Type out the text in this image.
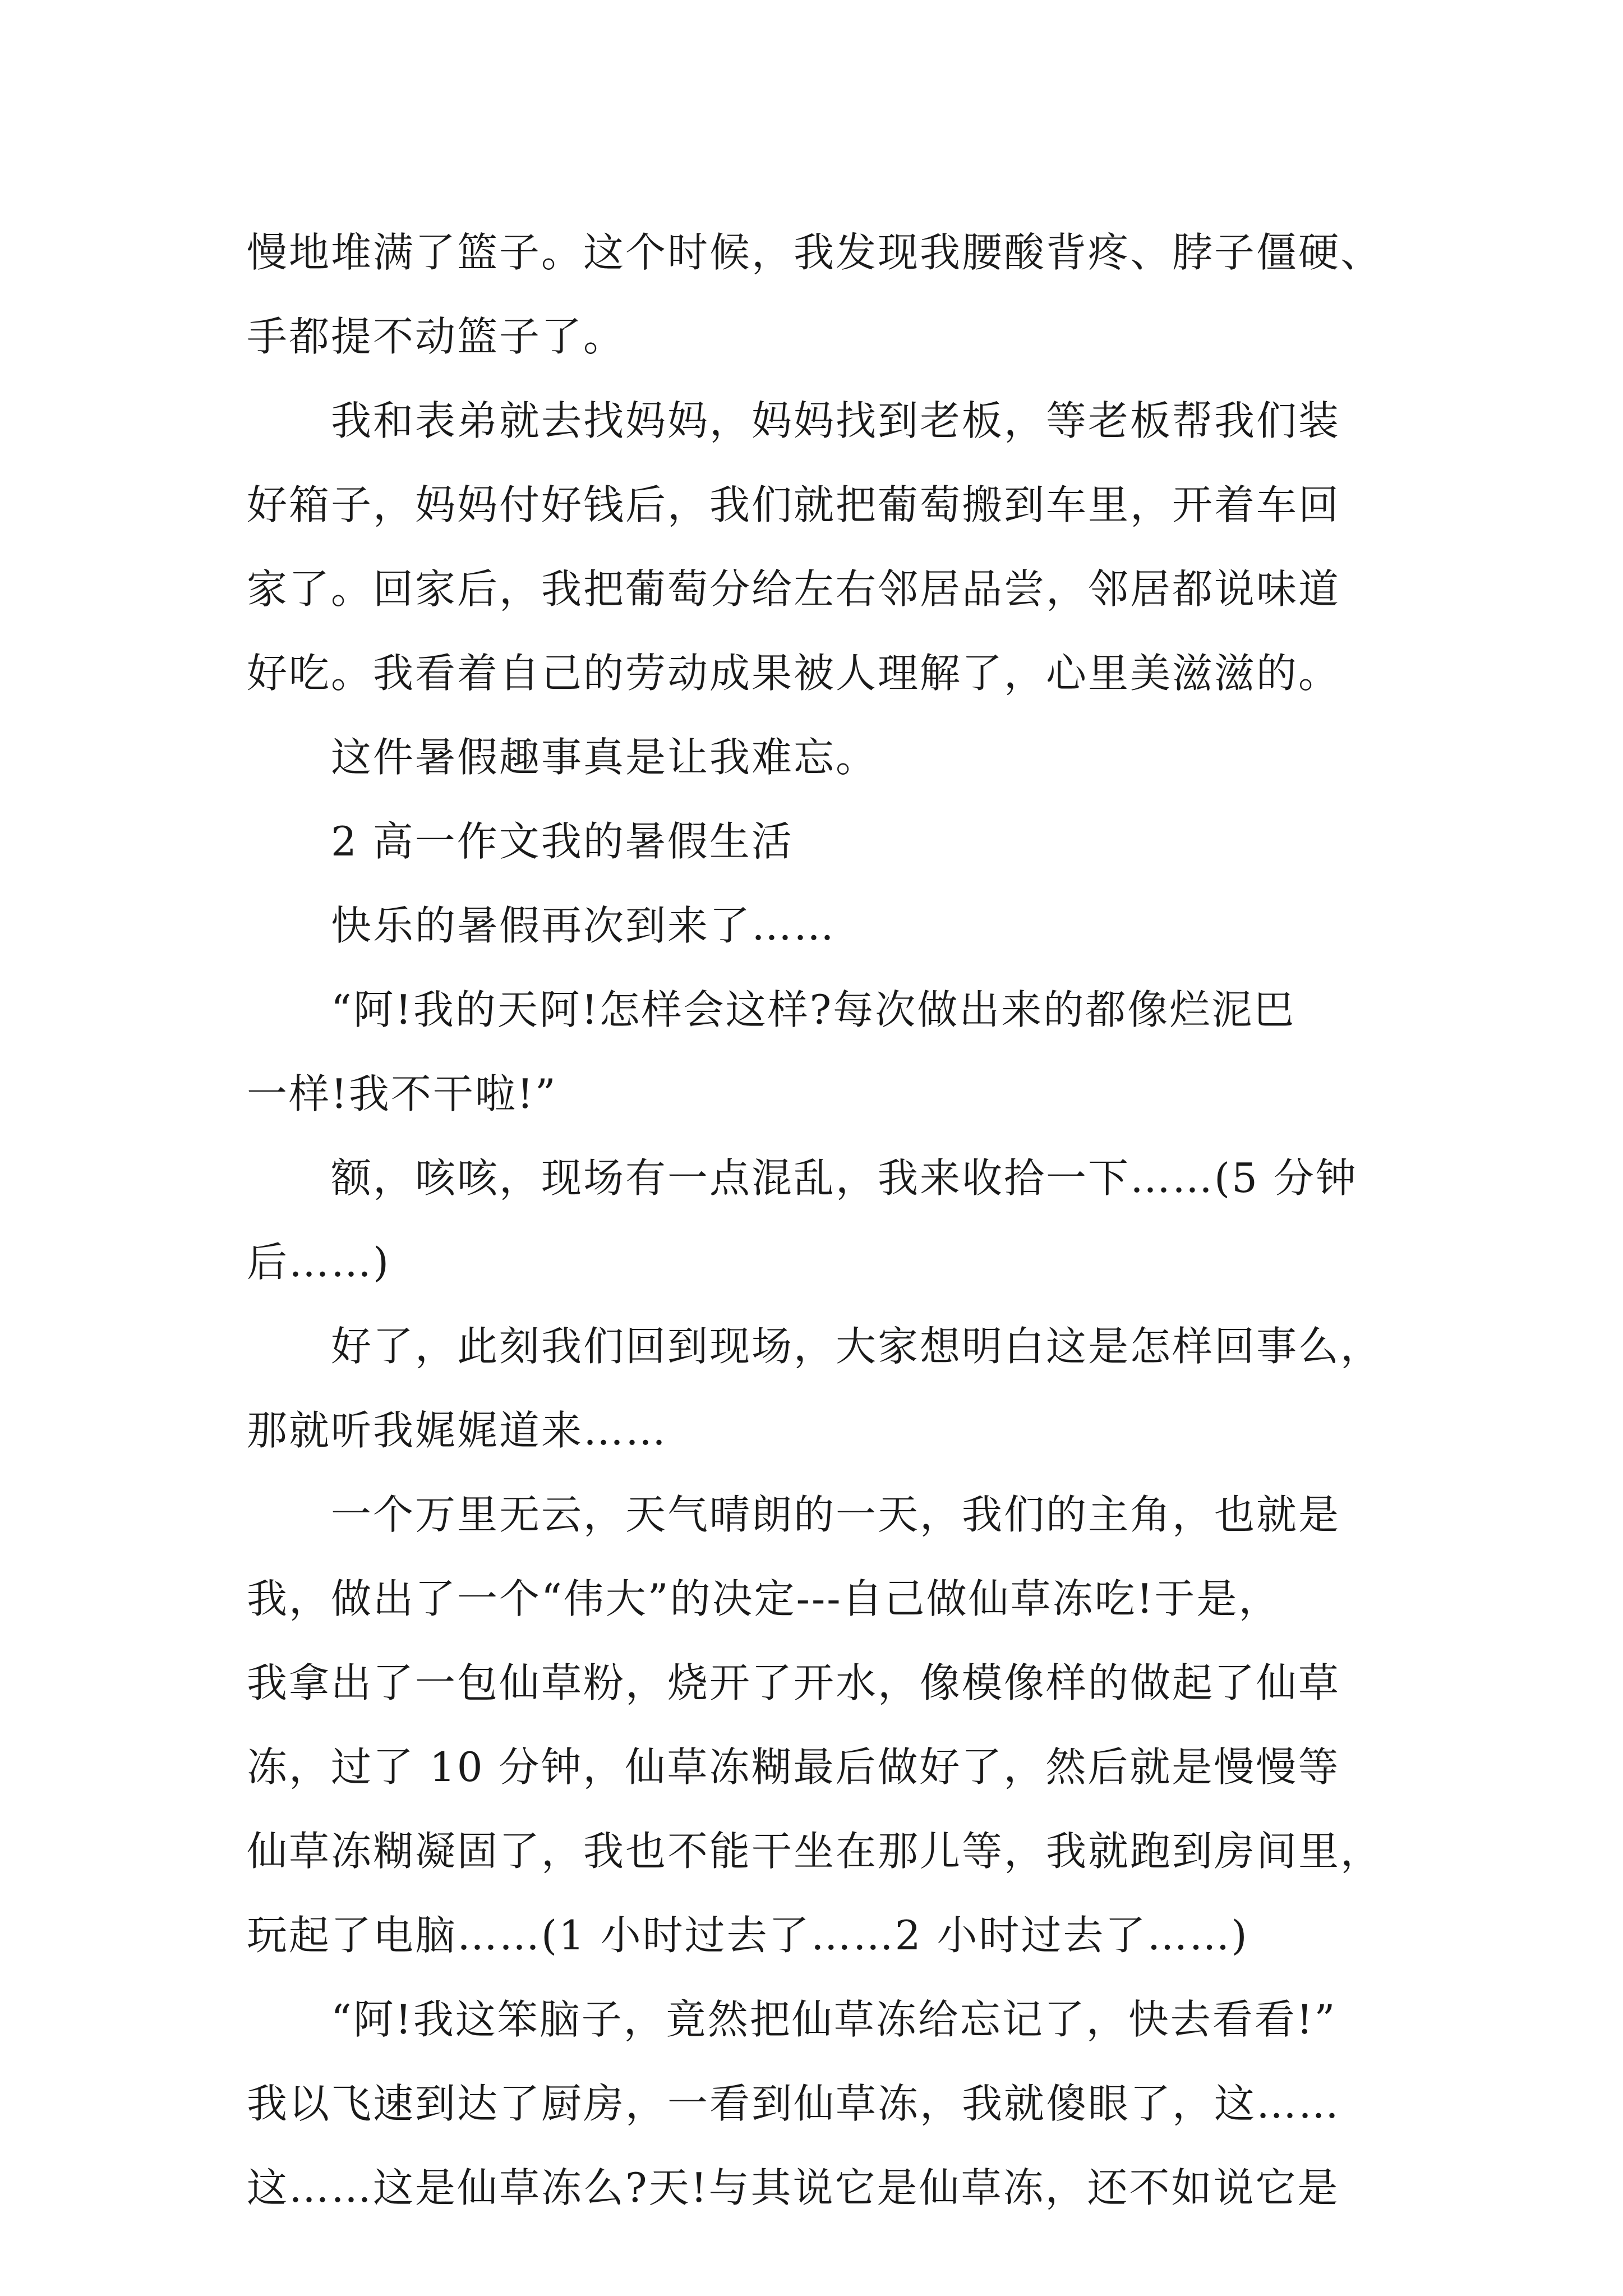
慢地堆满了篮子。这个时候，我发现我腰酸背疼、脖子僵硬、
手都提不动篮子了。
我和表弟就去找妈妈，妈妈找到老板，等老板帮我们装
好箱子，妈妈付好钱后，我们就把葡萄搬到车里，开着车回
家了。回家后，我把葡萄分给左右邻居品尝，邻居都说味道
好吃。我看着自己的劳动成果被人理解了，心里美滋滋的。
这件暑假趣事真是让我难忘。
2 高一作文我的暑假生活
快乐的暑假再次到来了……
“阿!我的天阿!怎样会这样?每次做出来的都像烂泥巴
一样!我不干啦!”
额，咳咳，现场有一点混乱，我来收拾一下……(5 分钟
后……)
好了，此刻我们回到现场，大家想明白这是怎样回事么，
那就听我娓娓道来……
一个万里无云，天气晴朗的一天，我们的主角，也就是
我，做出了一个“伟大”的决定---自己做仙草冻吃!于是，
我拿出了一包仙草粉，烧开了开水，像模像样的做起了仙草
冻，过了 10 分钟，仙草冻糊最后做好了，然后就是慢慢等
仙草冻糊凝固了，我也不能干坐在那儿等，我就跑到房间里，
玩起了电脑……(1 小时过去了……2 小时过去了……)
“阿!我这笨脑子，竟然把仙草冻给忘记了，快去看看!”
我以飞速到达了厨房，一看到仙草冻，我就傻眼了，这……
这……这是仙草冻么?天!与其说它是仙草冻，还不如说它是
